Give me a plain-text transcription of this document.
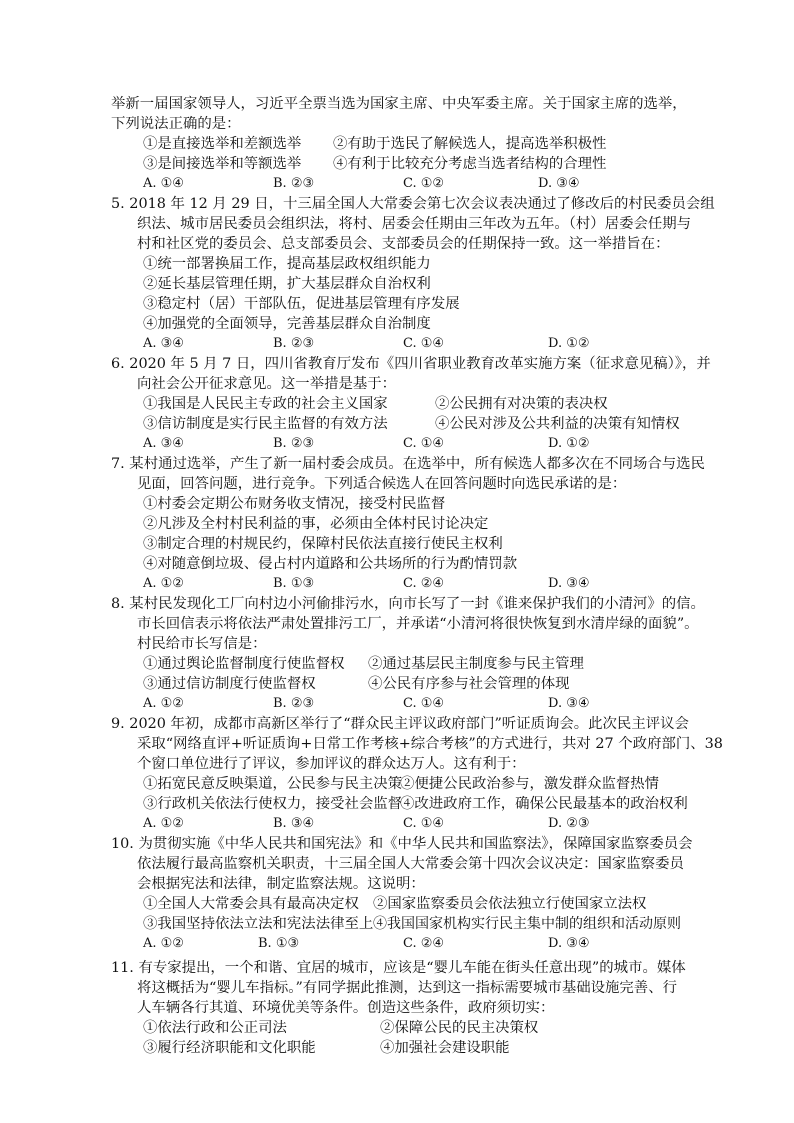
举新一届国家领导人，习近平全票当选为国家主席、中央军委主席。关于国家主席的选举，
下列说法正确的是：
①是直接选举和差额选举 ②有助于选民了解候选人，提高选举积极性
③是间接选举和等额选举 ④有利于比较充分考虑当选者结构的合理性
A. ①④	B. ②③	C. ①②	D. ③④
5. 2018 年 12 月 29 日，十三届全国人大常委会第七次会议表决通过了修改后的村民委员会组
织法、城市居民委员会组织法，将村、居委会任期由三年改为五年。（村）居委会任期与
村和社区党的委员会、总支部委员会、支部委员会的任期保持一致。这一举措旨在：
①统一部署换届工作，提高基层政权组织能力
②延长基层管理任期，扩大基层群众自治权利
③稳定村（居）干部队伍，促进基层管理有序发展
④加强党的全面领导，完善基层群众自治制度
A. ③④	B. ②③	C. ①④	D. ①②
6. 2020 年 5 月 7 日，四川省教育厅发布《四川省职业教育改革实施方案（征求意见稿）》，并
向社会公开征求意见。这一举措是基于：
①我国是人民民主专政的社会主义国家	②公民拥有对决策的表决权
③信访制度是实行民主监督的有效方法	④公民对涉及公共利益的决策有知情权
A. ③④	B. ②③	C. ①④	D. ①②
7. 某村通过选举，产生了新一届村委会成员。在选举中，所有候选人都多次在不同场合与选民
见面，回答问题，进行竞争。下列适合候选人在回答问题时向选民承诺的是：
①村委会定期公布财务收支情况，接受村民监督
②凡涉及全村村民利益的事，必须由全体村民讨论决定
③制定合理的村规民约，保障村民依法直接行使民主权利
④对随意倒垃圾、侵占村内道路和公共场所的行为酌情罚款
A. ①②	B. ①③	C. ②④	D. ③④
8. 某村民发现化工厂向村边小河偷排污水，向市长写了一封《谁来保护我们的小清河》的信。
市长回信表示将依法严肃处置排污工厂，并承诺“小清河将很快恢复到水清岸绿的面貌”。
村民给市长写信是：
①通过舆论监督制度行使监督权 ②通过基层民主制度参与民主管理
③通过信访制度行使监督权	④公民有序参与社会管理的体现
A. ①②	B. ②③	C. ①④	D. ③④
9. 2020 年初，成都市高新区举行了“群众民主评议政府部门”听证质询会。此次民主评议会
采取“网络直评+听证质询+日常工作考核+综合考核”的方式进行，共对 27 个政府部门、38
个窗口单位进行了评议，参加评议的群众达万人。这有利于：
①拓宽民意反映渠道，公民参与民主决策
②便捷公民政治参与，激发群众监督热情
③行政机关依法行使权力，接受社会监督
④改进政府工作，确保公民最基本的政治权利
A. ①②	B. ③④	C. ①④	D. ②③
10. 为贯彻实施《中华人民共和国宪法》和《中华人民共和国监察法》，保障国家监察委员会
依法履行最高监察机关职责，十三届全国人大常委会第十四次会议决定：国家监察委员
会根据宪法和法律，制定监察法规。这说明：
①全国人大常委会具有最高决定权 ②国家监察委员会依法独立行使国家立法权
③我国坚持依法立法和宪法法律至上 ④我国国家机构实行民主集中制的组织和活动原则
A. ①②	B. ①③	C. ②④	D. ③④
11. 有专家提出，一个和谐、宜居的城市，应该是“婴儿车能在街头任意出现”的城市。媒体
将这概括为“婴儿车指标。”有同学据此推测，达到这一指标需要城市基础设施完善、行
人车辆各行其道、环境优美等条件。创造这些条件，政府须切实：
①依法行政和公正司法	②保障公民的民主决策权
③履行经济职能和文化职能	④加强社会建设职能
